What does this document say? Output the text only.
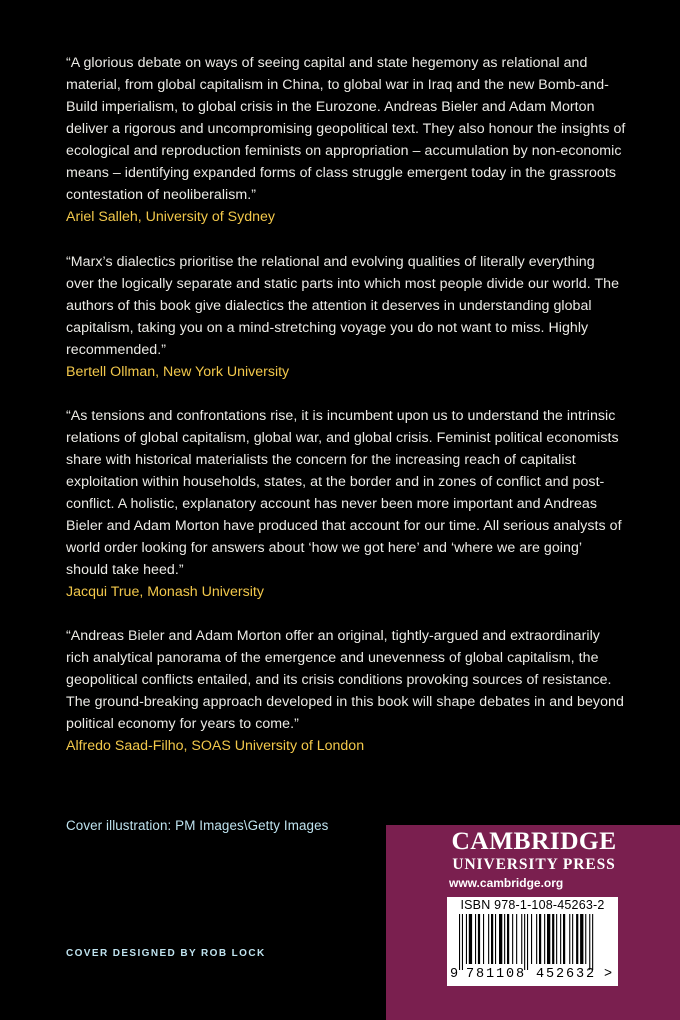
“A glorious debate on ways of seeing capital and state hegemony as relational and material, from global capitalism in China, to global war in Iraq and the new Bomb-and-Build imperialism, to global crisis in the Eurozone. Andreas Bieler and Adam Morton deliver a rigorous and uncompromising geopolitical text. They also honour the insights of ecological and reproduction feminists on appropriation – accumulation by non-economic means – identifying expanded forms of class struggle emergent today in the grassroots contestation of neoliberalism.”

Ariel Salleh, University of Sydney

“Marx’s dialectics prioritise the relational and evolving qualities of literally everything over the logically separate and static parts into which most people divide our world. The authors of this book give dialectics the attention it deserves in understanding global capitalism, taking you on a mind-stretching voyage you do not want to miss. Highly recommended.”

Bertell Ollman, New York University

“As tensions and confrontations rise, it is incumbent upon us to understand the intrinsic relations of global capitalism, global war, and global crisis. Feminist political economists share with historical materialists the concern for the increasing reach of capitalist exploitation within households, states, at the border and in zones of conflict and post-conflict. A holistic, explanatory account has never been more important and Andreas Bieler and Adam Morton have produced that account for our time. All serious analysts of world order looking for answers about ‘how we got here’ and ‘where we are going’ should take heed.”

Jacqui True, Monash University

“Andreas Bieler and Adam Morton offer an original, tightly-argued and extraordinarily rich analytical panorama of the emergence and unevenness of global capitalism, the geopolitical conflicts entailed, and its crisis conditions provoking sources of resistance. The ground-breaking approach developed in this book will shape debates in and beyond political economy for years to come.”

Alfredo Saad-Filho, SOAS University of London

Cover illustration: PM Images\Getty Images
COVER DESIGNED BY ROB LOCK
CAMBRIDGE
UNIVERSITY PRESS
www.cambridge.org
ISBN 978-1-108-45263-2
9 781108 452632 >
